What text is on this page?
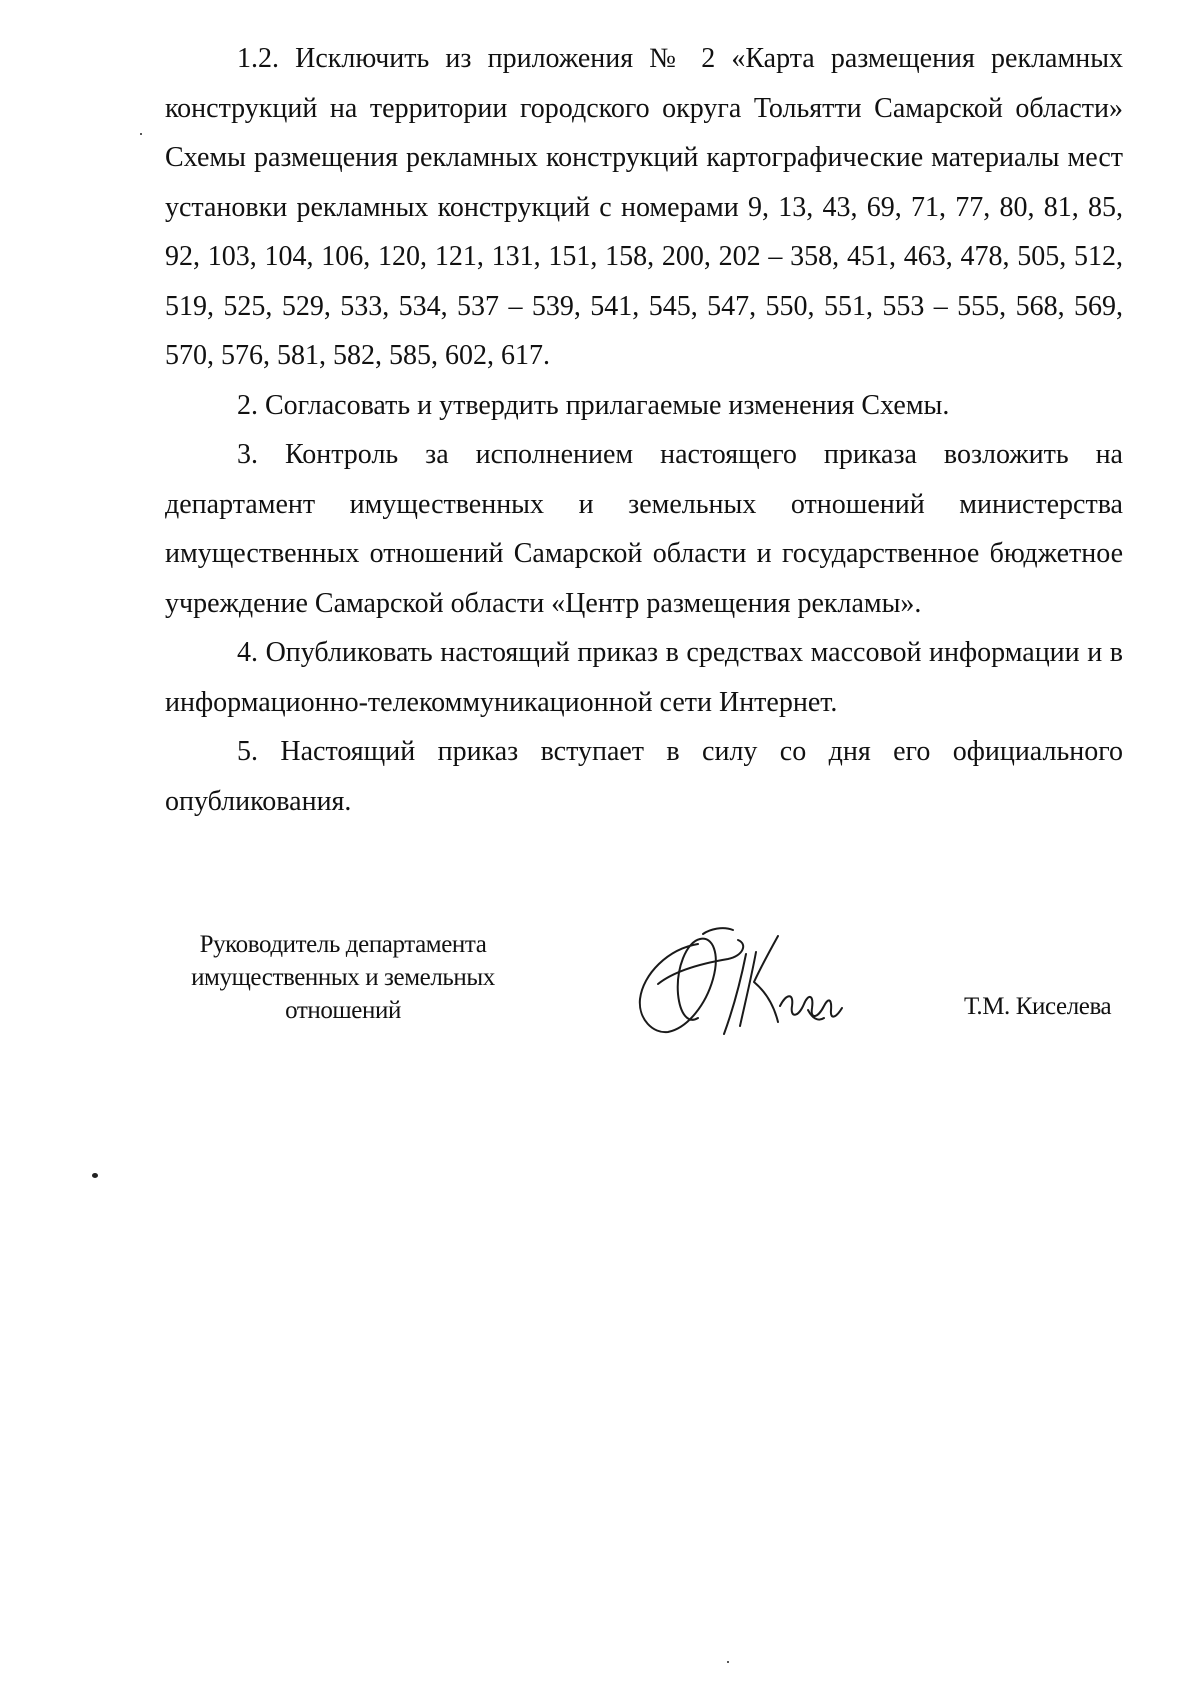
1.2. Исключить из приложения № 2 «Карта размещения рекламных конструкций на территории городского округа Тольятти Самарской области» Схемы размещения рекламных конструкций картографические материалы мест установки рекламных конструкций с номерами 9, 13, 43, 69, 71, 77, 80, 81, 85, 92, 103, 104, 106, 120, 121, 131, 151, 158, 200, 202 – 358, 451, 463, 478, 505, 512, 519, 525, 529, 533, 534, 537 – 539, 541, 545, 547, 550, 551, 553 – 555, 568, 569, 570, 576, 581, 582, 585, 602, 617.

2. Согласовать и утвердить прилагаемые изменения Схемы.

3. Контроль за исполнением настоящего приказа возложить на департамент имущественных и земельных отношений министерства имущественных отношений Самарской области и государственное бюджетное учреждение Самарской области «Центр размещения рекламы».

4. Опубликовать настоящий приказ в средствах массовой информации и в информационно-телекоммуникационной сети Интернет.

5. Настоящий приказ вступает в силу со дня его официального опубликования.

Руководитель департамента
имущественных и земельных
отношений	Т.М. Киселева
